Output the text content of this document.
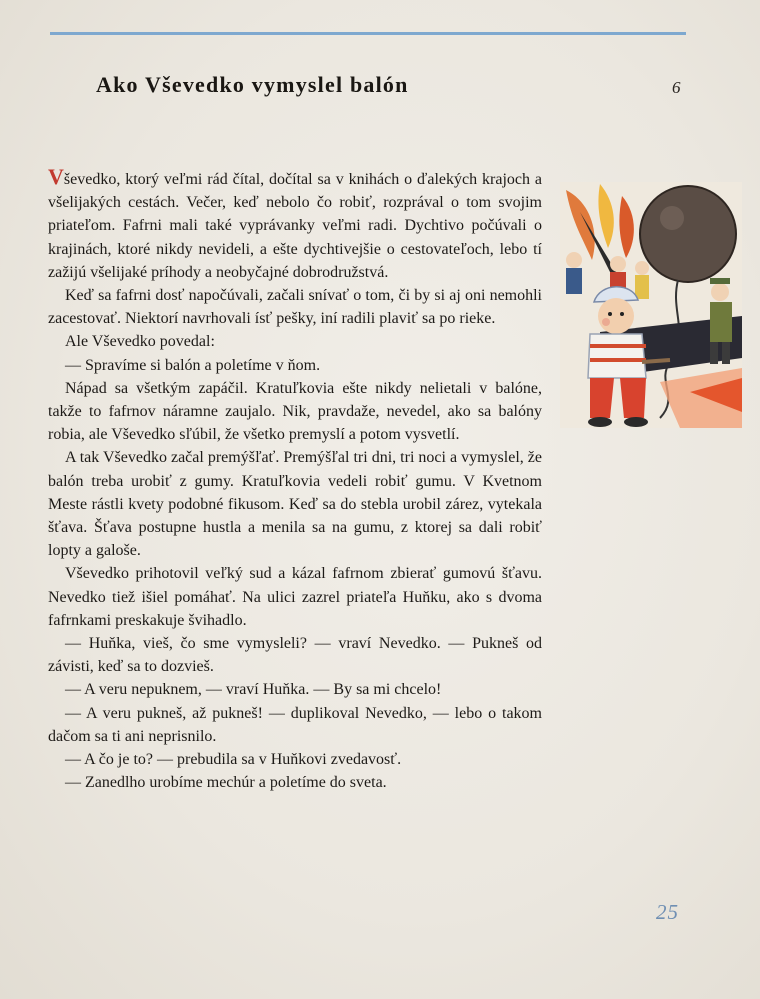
Ako Vševedko vymyslel balón	6

Vševedko, ktorý veľmi rád čítal, dočítal sa v knihách o ďalekých krajoch a všelijakých cestách. Večer, keď nebolo čo robiť, rozprával o tom svojim priateľom. Fafrni mali také vyprávanky veľmi radi. Dychtivo počúvali o krajinách, ktoré nikdy nevideli, a ešte dychtivejšie o cestovateľoch, lebo tí zažijú všelijaké príhody a neobyčajné dobrodružstvá.

Keď sa fafrni dosť napočúvali, začali snívať o tom, či by si aj oni nemohli zacestovať. Niektorí navrhovali ísť pešky, iní radili plaviť sa po rieke.

Ale Vševedko povedal:

— Spravíme si balón a poletíme v ňom.

Nápad sa všetkým zapáčil. Kratuľkovia ešte nikdy nelietali v balóne, takže to fafrnov náramne zaujalo. Nik, pravdaže, nevedel, ako sa balóny robia, ale Vševedko sľúbil, že všetko premyslí a potom vysvetlí.

A tak Vševedko začal premýšľať. Premýšľal tri dni, tri noci a vymyslel, že balón treba urobiť z gumy. Kratuľkovia vedeli robiť gumu. V Kvetnom Meste rástli kvety podobné fikusom. Keď sa do stebla urobil zárez, vytekala šťava. Šťava postupne hustla a menila sa na gumu, z ktorej sa dali robiť lopty a galoše.

Vševedko prihotovil veľký sud a kázal fafrnom zbierať gumovú šťavu. Nevedko tiež išiel pomáhať. Na ulici zazrel priateľa Huňku, ako s dvoma fafrnkami preskakuje švihadlo.

— Huňka, vieš, čo sme vymysleli? — vraví Nevedko. — Pukneš od závisti, keď sa to dozvieš.

— A veru nepuknem, — vraví Huňka. — By sa mi chcelo!

— A veru pukneš, až pukneš! — duplikoval Nevedko, — lebo o takom dačom sa ti ani neprisnilo.

— A čo je to? — prebudila sa v Huňkovi zvedavosť.

— Zanedlho urobíme mechúr a poletíme do sveta.

25
